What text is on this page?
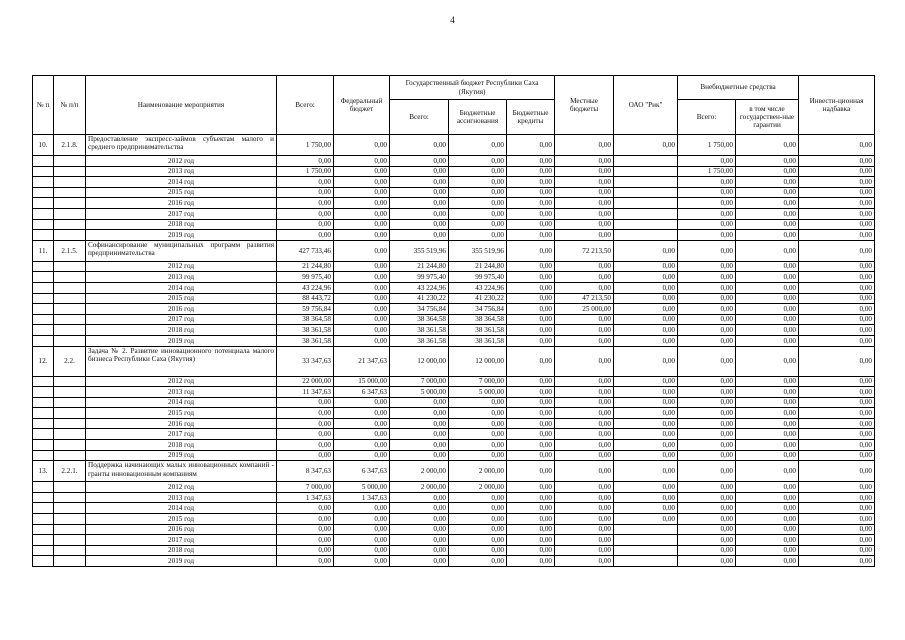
4
№ п	№ п/п	Наименование мероприятия	Всего:	Федеральный бюджет	Государственный бюджет Республики Саха (Якутия)			Местные бюджеты	ОАО "Рик"	Внебюджетные средства		Инвести-ционная надбавка
					Всего:	Бюджетные ассигнования	Бюджетные кредиты			Всего:	в том числе государствен-ные гарантии	
10.	2.1.8.	Предоставление экспресс-займов субъектам малого и среднего предпринимательства	1 750,00	0,00	0,00	0,00	0,00	0,00	0,00	1 750,00	0,00	0,00
		2012 год	0,00	0,00	0,00	0,00	0,00	0,00		0,00	0,00	0,00
		2013 год	1 750,00	0,00	0,00	0,00	0,00	0,00		1 750,00	0,00	0,00
		2014 год	0,00	0,00	0,00	0,00	0,00	0,00		0,00	0,00	0,00
		2015 год	0,00	0,00	0,00	0,00	0,00	0,00		0,00	0,00	0,00
		2016 год	0,00	0,00	0,00	0,00	0,00	0,00		0,00	0,00	0,00
		2017 год	0,00	0,00	0,00	0,00	0,00	0,00		0,00	0,00	0,00
		2018 год	0,00	0,00	0,00	0,00	0,00	0,00		0,00	0,00	0,00
		2019 год	0,00	0,00	0,00	0,00	0,00	0,00		0,00	0,00	0,00
11.	2.1.5.	Софинансирование муниципальных программ развития предпринимательства	427 733,46	0,00	355 519,96	355 519,96	0,00	72 213,50	0,00	0,00	0,00	0,00
		2012 год	21 244,80	0,00	21 244,80	21 244,80	0,00	0,00	0,00	0,00	0,00	0,00
		2013 год	99 975,40	0,00	99 975,40	99 975,40	0,00	0,00	0,00	0,00	0,00	0,00
		2014 год	43 224,96	0,00	43 224,96	43 224,96	0,00	0,00	0,00	0,00	0,00	0,00
		2015 год	88 443,72	0,00	41 230,22	41 230,22	0,00	47 213,50	0,00	0,00	0,00	0,00
		2016 год	59 756,84	0,00	34 756,84	34 756,84	0,00	25 000,00	0,00	0,00	0,00	0,00
		2017 год	38 364,58	0,00	38 364,58	38 364,58	0,00	0,00	0,00	0,00	0,00	0,00
		2018 год	38 361,58	0,00	38 361,58	38 361,58	0,00	0,00	0,00	0,00	0,00	0,00
		2019 год	38 361,58	0,00	38 361,58	38 361,58	0,00	0,00	0,00	0,00	0,00	0,00
12.	2.2.	Задача № 2. Развитие инновационного потенциала малого бизнеса Республики Саха (Якутия)	33 347,63	21 347,63	12 000,00	12 000,00	0,00	0,00	0,00	0,00	0,00	0,00
		2012 год	22 000,00	15 000,00	7 000,00	7 000,00	0,00	0,00	0,00	0,00	0,00	0,00
		2013 год	11 347,63	6 347,63	5 000,00	5 000,00	0,00	0,00	0,00	0,00	0,00	0,00
		2014 год	0,00	0,00	0,00	0,00	0,00	0,00	0,00	0,00	0,00	0,00
		2015 год	0,00	0,00	0,00	0,00	0,00	0,00	0,00	0,00	0,00	0,00
		2016 год	0,00	0,00	0,00	0,00	0,00	0,00	0,00	0,00	0,00	0,00
		2017 год	0,00	0,00	0,00	0,00	0,00	0,00	0,00	0,00	0,00	0,00
		2018 год	0,00	0,00	0,00	0,00	0,00	0,00	0,00	0,00	0,00	0,00
		2019 год	0,00	0,00	0,00	0,00	0,00	0,00	0,00	0,00	0,00	0,00
13.	2.2.1.	Поддержка начинающих малых инновационных компаний - гранты инновационным компаниям	8 347,63	6 347,63	2 000,00	2 000,00	0,00	0,00	0,00	0,00	0,00	0,00
		2012 год	7 000,00	5 000,00	2 000,00	2 000,00	0,00	0,00	0,00	0,00	0,00	0,00
		2013 год	1 347,63	1 347,63	0,00	0,00	0,00	0,00	0,00	0,00	0,00	0,00
		2014 год	0,00	0,00	0,00	0,00	0,00	0,00	0,00	0,00	0,00	0,00
		2015 год	0,00	0,00	0,00	0,00	0,00	0,00	0,00	0,00	0,00	0,00
		2016 год	0,00	0,00	0,00	0,00	0,00	0,00		0,00	0,00	0,00
		2017 год	0,00	0,00	0,00	0,00	0,00	0,00		0,00	0,00	0,00
		2018 год	0,00	0,00	0,00	0,00	0,00	0,00		0,00	0,00	0,00
		2019 год	0,00	0,00	0,00	0,00	0,00	0,00		0,00	0,00	0,00
